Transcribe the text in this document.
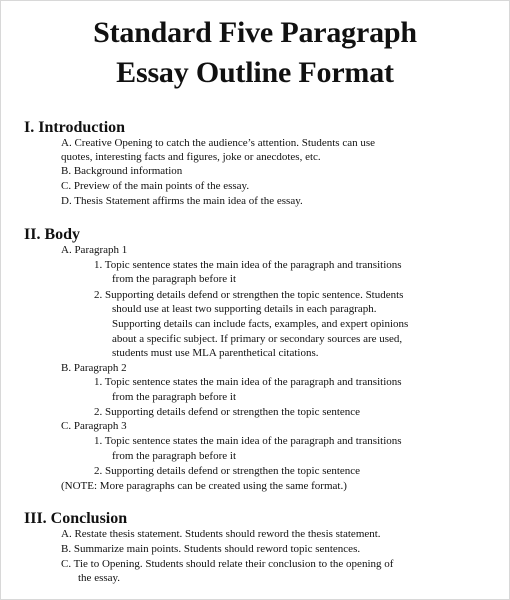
Standard Five Paragraph
Essay Outline Format
I. Introduction
A. Creative Opening to catch the audience’s attention. Students can use
quotes, interesting facts and figures, joke or anecdotes, etc.
B. Background information
C. Preview of the main points of the essay.
D. Thesis Statement affirms the main idea of the essay.
II. Body
A. Paragraph 1
1. Topic sentence states the main idea of the paragraph and transitions
from the paragraph before it
2. Supporting details defend or strengthen the topic sentence. Students
should use at least two supporting details in each paragraph.
Supporting details can include facts, examples, and expert opinions
about a specific subject. If primary or secondary sources are used,
students must use MLA parenthetical citations.
B. Paragraph 2
1. Topic sentence states the main idea of the paragraph and transitions
from the paragraph before it
2. Supporting details defend or strengthen the topic sentence
C. Paragraph 3
1. Topic sentence states the main idea of the paragraph and transitions
from the paragraph before it
2. Supporting details defend or strengthen the topic sentence
(NOTE: More paragraphs can be created using the same format.)
III. Conclusion
A. Restate thesis statement. Students should reword the thesis statement.
B. Summarize main points. Students should reword topic sentences.
C. Tie to Opening. Students should relate their conclusion to the opening of
the essay.
